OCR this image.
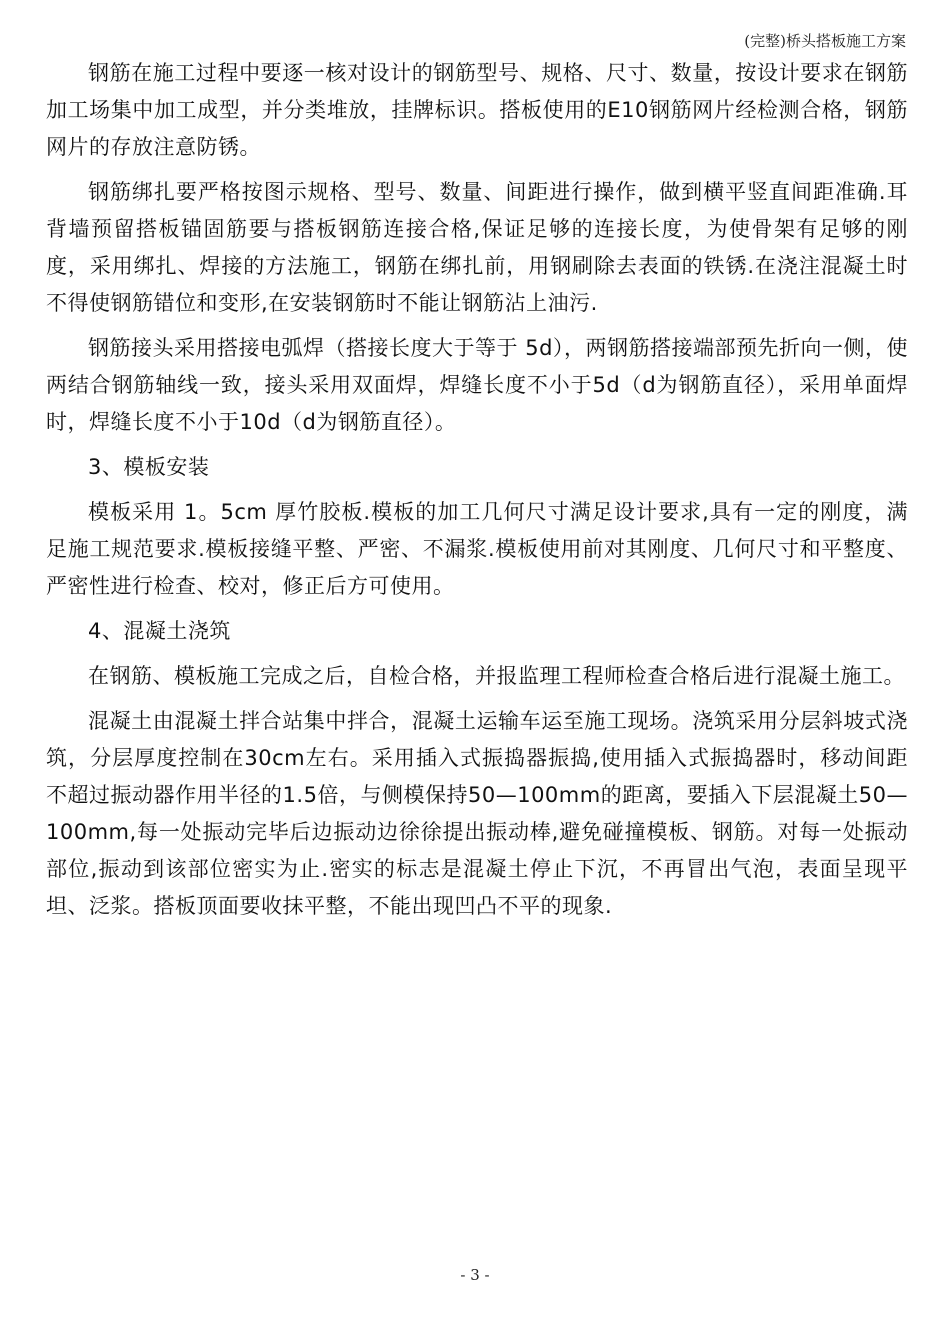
(完整)桥头搭板施工方案

钢筋在施工过程中要逐一核对设计的钢筋型号、规格、尺寸、数量，按设计要求在钢筋加工场集中加工成型，并分类堆放，挂牌标识。搭板使用的E10钢筋网片经检测合格，钢筋网片的存放注意防锈。

钢筋绑扎要严格按图示规格、型号、数量、间距进行操作，做到横平竖直间距准确.耳背墙预留搭板锚固筋要与搭板钢筋连接合格,保证足够的连接长度，为使骨架有足够的刚度，采用绑扎、焊接的方法施工，钢筋在绑扎前，用钢刷除去表面的铁锈.在浇注混凝土时不得使钢筋错位和变形,在安装钢筋时不能让钢筋沾上油污.

钢筋接头采用搭接电弧焊（搭接长度大于等于 5d），两钢筋搭接端部预先折向一侧，使两结合钢筋轴线一致，接头采用双面焊，焊缝长度不小于5d（d为钢筋直径），采用单面焊时，焊缝长度不小于10d（d为钢筋直径）。

3、模板安装

模板采用 1。5cm 厚竹胶板.模板的加工几何尺寸满足设计要求,具有一定的刚度，满足施工规范要求.模板接缝平整、严密、不漏浆.模板使用前对其刚度、几何尺寸和平整度、严密性进行检查、校对，修正后方可使用。

4、混凝土浇筑

在钢筋、模板施工完成之后，自检合格，并报监理工程师检查合格后进行混凝土施工。

混凝土由混凝土拌合站集中拌合，混凝土运输车运至施工现场。浇筑采用分层斜坡式浇筑，分层厚度控制在30cm左右。采用插入式振捣器振捣,使用插入式振捣器时，移动间距不超过振动器作用半径的1.5倍，与侧模保持50—100mm的距离，要插入下层混凝土50—100mm,每一处振动完毕后边振动边徐徐提出振动棒,避免碰撞模板、钢筋。对每一处振动部位,振动到该部位密实为止.密实的标志是混凝土停止下沉，不再冒出气泡，表面呈现平坦、泛浆。搭板顶面要收抹平整，不能出现凹凸不平的现象.

- 3 -
